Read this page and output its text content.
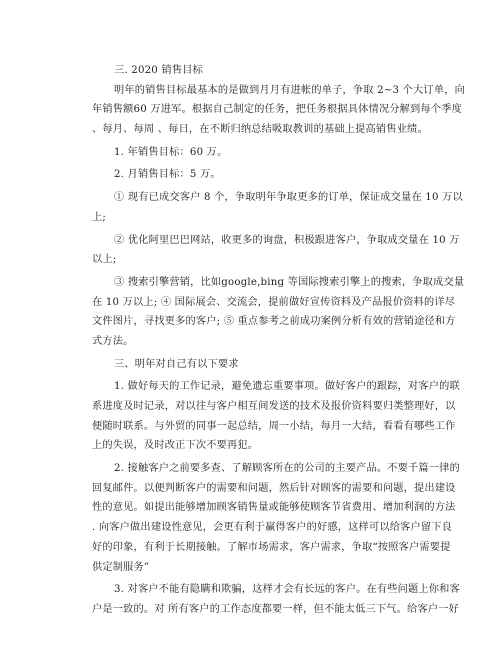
三. 2020 销售目标
明年的销售目标最基本的是做到月月有进帐的单子，争取 2~3 个大订单，向
年销售额60 万进军。根据自己制定的任务，把任务根据具体情况分解到每个季度
、每月、每周 、每日，在不断归纳总结吸取教训的基础上提高销售业绩。
1. 年销售目标：60 万。
2. 月销售目标：5 万。
① 现有已成交客户 8 个，争取明年争取更多的订单，保证成交量在 10 万以
上;
② 优化阿里巴巴网站，收更多的询盘，积极跟进客户，争取成交量在 10 万
以上;
③ 搜索引擎营销，比如google,bing 等国际搜索引擎上的搜索，争取成交量
在 10 万以上; ④ 国际展会、交流会，提前做好宣传资料及产品报价资料的详尽
文件图片，寻找更多的客户; ⑤ 重点参考之前成功案例分析有效的营销途径和方
式方法。
三、明年对自己有以下要求
1. 做好每天的工作记录，避免遗忘重要事项。做好客户的跟踪，对客户的联
系进度及时记录，对以往与客户相互间发送的技术及报价资料要归类整理好，以
便随时联系。与外贸的同事一起总结，周一小结，每月一大结，看看有哪些工作
上的失误，及时改正下次不要再犯。
2. 接触客户之前要多查、了解顾客所在的公司的主要产品。不要千篇一律的
回复邮件。以便判断客户的需要和问题，然后针对顾客的需要和问题，提出建设
性的意见。如提出能够增加顾客销售量或能够使顾客节省费用、增加利润的方法
. 向客户做出建设性意见，会更有利于赢得客户的好感，这样可以给客户留下良
好的印象，有利于长期接触。了解市场需求，客户需求，争取“按照客户需要提
供定制服务”
3. 对客户不能有隐瞒和欺骗，这样才会有长远的客户。在有些问题上你和客
户是一致的。对 所有客户的工作态度都要一样，但不能太低三下气。给客户一好
